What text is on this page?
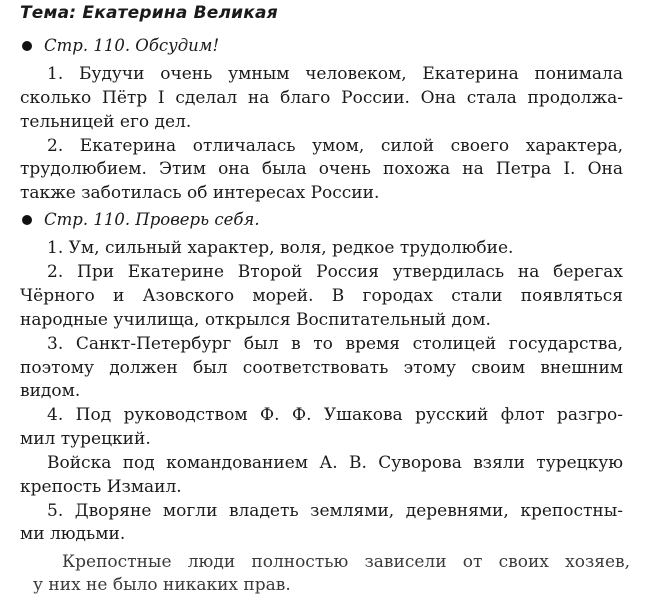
Тема: Екатерина Великая
Стр. 110. Обсудим!

1. Будучи очень умным человеком, Екатерина понимала

сколько Пётр I сделал на благо России. Она стала продолжа-

тельницей его дел.

2. Екатерина отличалась умом, силой своего характера,

трудолюбием. Этим она была очень похожа на Петра I. Она

также заботилась об интересах России.

Стр. 110. Проверь себя.

1. Ум, сильный характер, воля, редкое трудолюбие.

2. При Екатерине Второй Россия утвердилась на берегах

Чёрного и Азовского морей. В городах стали появляться

народные училища, открылся Воспитательный дом.

3. Санкт-Петербург был в то время столицей государства,

поэтому должен был соответствовать этому своим внешним

видом.

4. Под руководством Ф. Ф. Ушакова русский флот разгро-

мил турецкий.

Войска под командованием А. В. Суворова взяли турецкую

крепость Измаил.

5. Дворяне могли владеть землями, деревнями, крепостны-

ми людьми.

Крепостные люди полностью зависели от своих хозяев,

у них не было никаких прав.
